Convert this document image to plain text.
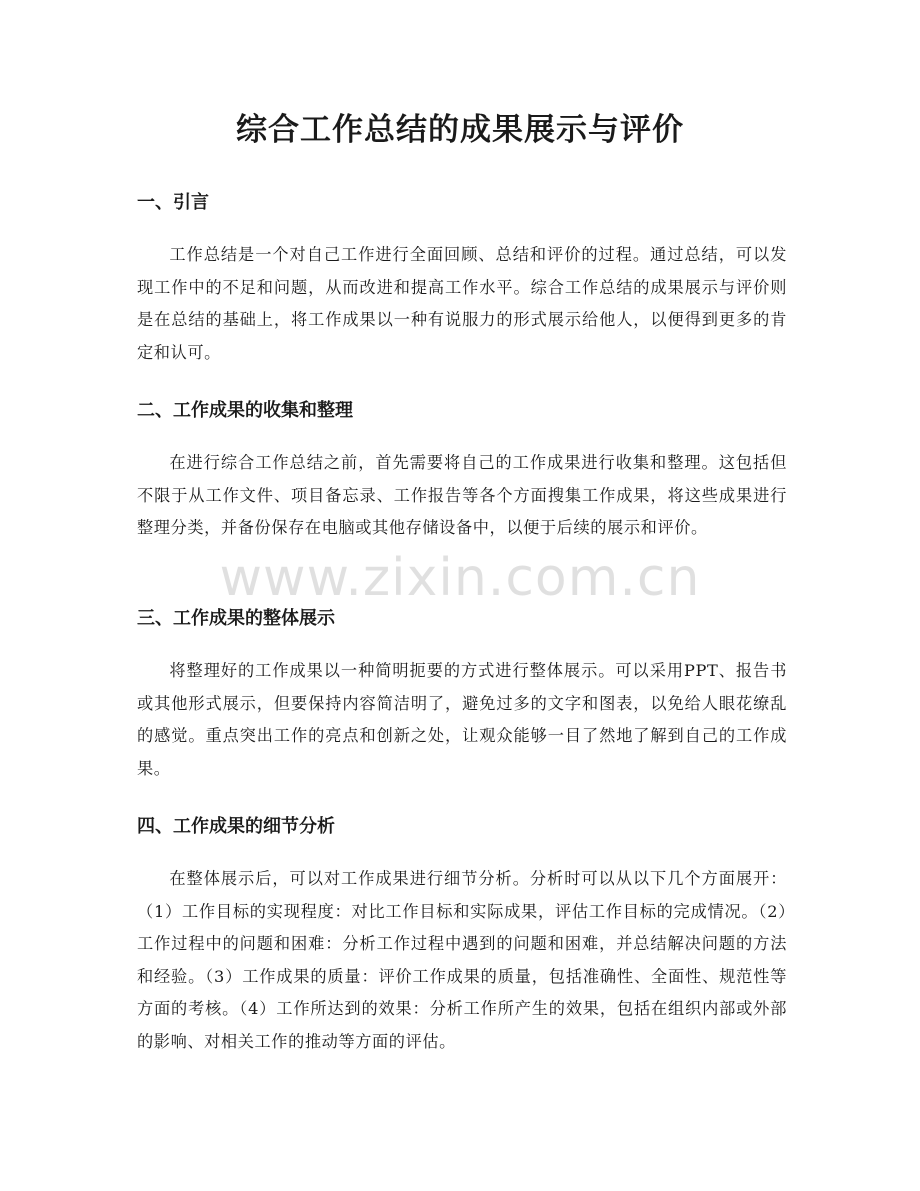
综合工作总结的成果展示与评价
一、引言

工作总结是一个对自己工作进行全面回顾、总结和评价的过程。通过总结，可以发现工作中的不足和问题，从而改进和提高工作水平。综合工作总结的成果展示与评价则是在总结的基础上，将工作成果以一种有说服力的形式展示给他人，以便得到更多的肯定和认可。

二、工作成果的收集和整理

在进行综合工作总结之前，首先需要将自己的工作成果进行收集和整理。这包括但不限于从工作文件、项目备忘录、工作报告等各个方面搜集工作成果，将这些成果进行整理分类，并备份保存在电脑或其他存储设备中，以便于后续的展示和评价。

三、工作成果的整体展示

将整理好的工作成果以一种简明扼要的方式进行整体展示。可以采用PPT、报告书或其他形式展示，但要保持内容简洁明了，避免过多的文字和图表，以免给人眼花缭乱的感觉。重点突出工作的亮点和创新之处，让观众能够一目了然地了解到自己的工作成果。

四、工作成果的细节分析

在整体展示后，可以对工作成果进行细节分析。分析时可以从以下几个方面展开：（1）工作目标的实现程度：对比工作目标和实际成果，评估工作目标的完成情况。（2）工作过程中的问题和困难：分析工作过程中遇到的问题和困难，并总结解决问题的方法和经验。（3）工作成果的质量：评价工作成果的质量，包括准确性、全面性、规范性等方面的考核。（4）工作所达到的效果：分析工作所产生的效果，包括在组织内部或外部的影响、对相关工作的推动等方面的评估。

www.zixin.com.cn
